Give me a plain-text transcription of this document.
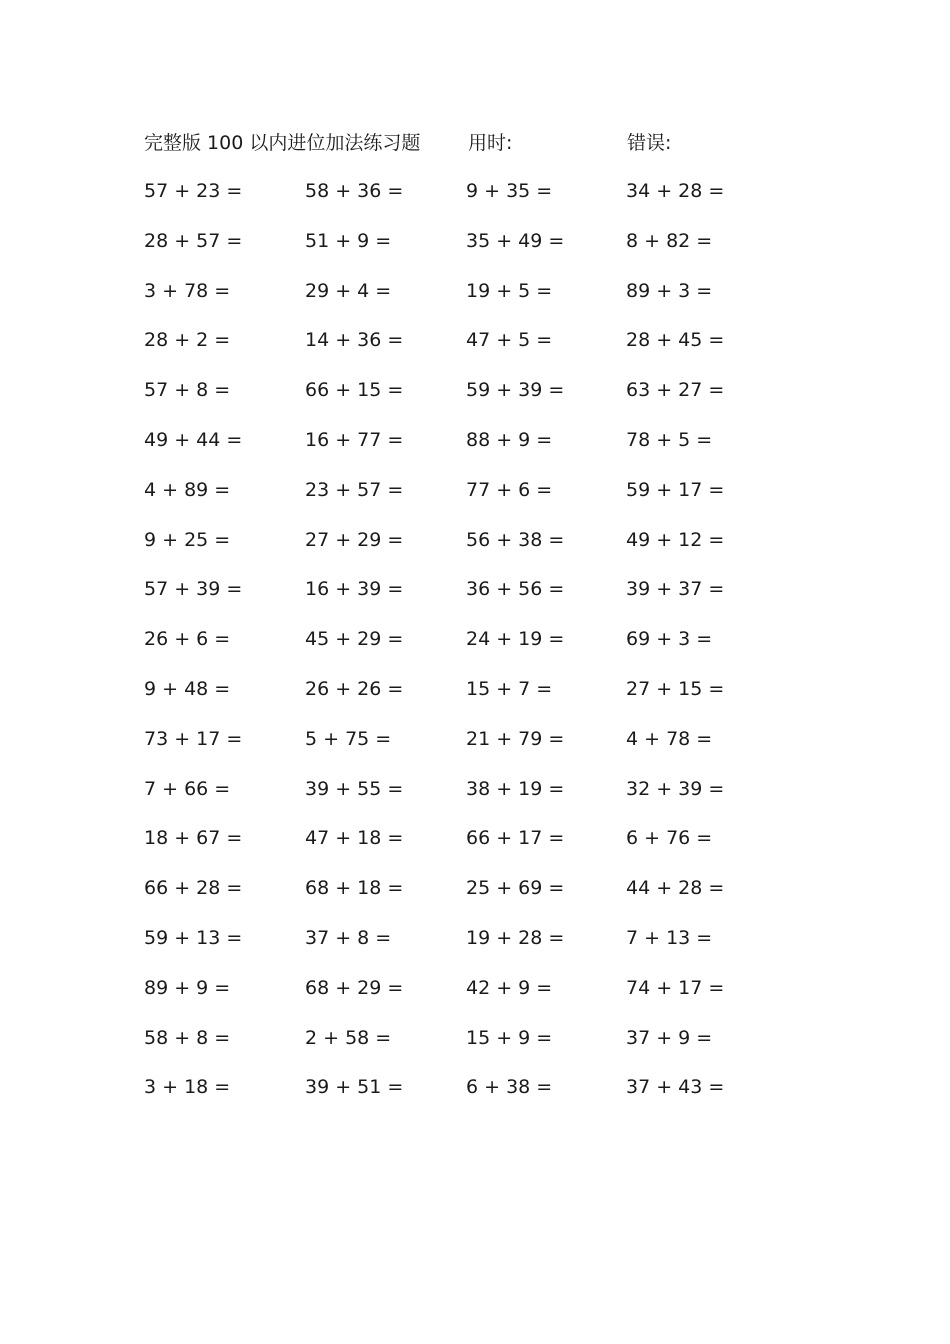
完整版 100 以内进位加法练习题	用时:	错误:
57 + 23 =	58 + 36 =	9 + 35 =	34 + 28 =
28 + 57 =	51 + 9 =	35 + 49 =	8 + 82 =
3 + 78 =	29 + 4 =	19 + 5 =	89 + 3 =
28 + 2 =	14 + 36 =	47 + 5 =	28 + 45 =
57 + 8 =	66 + 15 =	59 + 39 =	63 + 27 =
49 + 44 =	16 + 77 =	88 + 9 =	78 + 5 =
4 + 89 =	23 + 57 =	77 + 6 =	59 + 17 =
9 + 25 =	27 + 29 =	56 + 38 =	49 + 12 =
57 + 39 =	16 + 39 =	36 + 56 =	39 + 37 =
26 + 6 =	45 + 29 =	24 + 19 =	69 + 3 =
9 + 48 =	26 + 26 =	15 + 7 =	27 + 15 =
73 + 17 =	5 + 75 =	21 + 79 =	4 + 78 =
7 + 66 =	39 + 55 =	38 + 19 =	32 + 39 =
18 + 67 =	47 + 18 =	66 + 17 =	6 + 76 =
66 + 28 =	68 + 18 =	25 + 69 =	44 + 28 =
59 + 13 =	37 + 8 =	19 + 28 =	7 + 13 =
89 + 9 =	68 + 29 =	42 + 9 =	74 + 17 =
58 + 8 =	2 + 58 =	15 + 9 =	37 + 9 =
3 + 18 =	39 + 51 =	6 + 38 =	37 + 43 =
